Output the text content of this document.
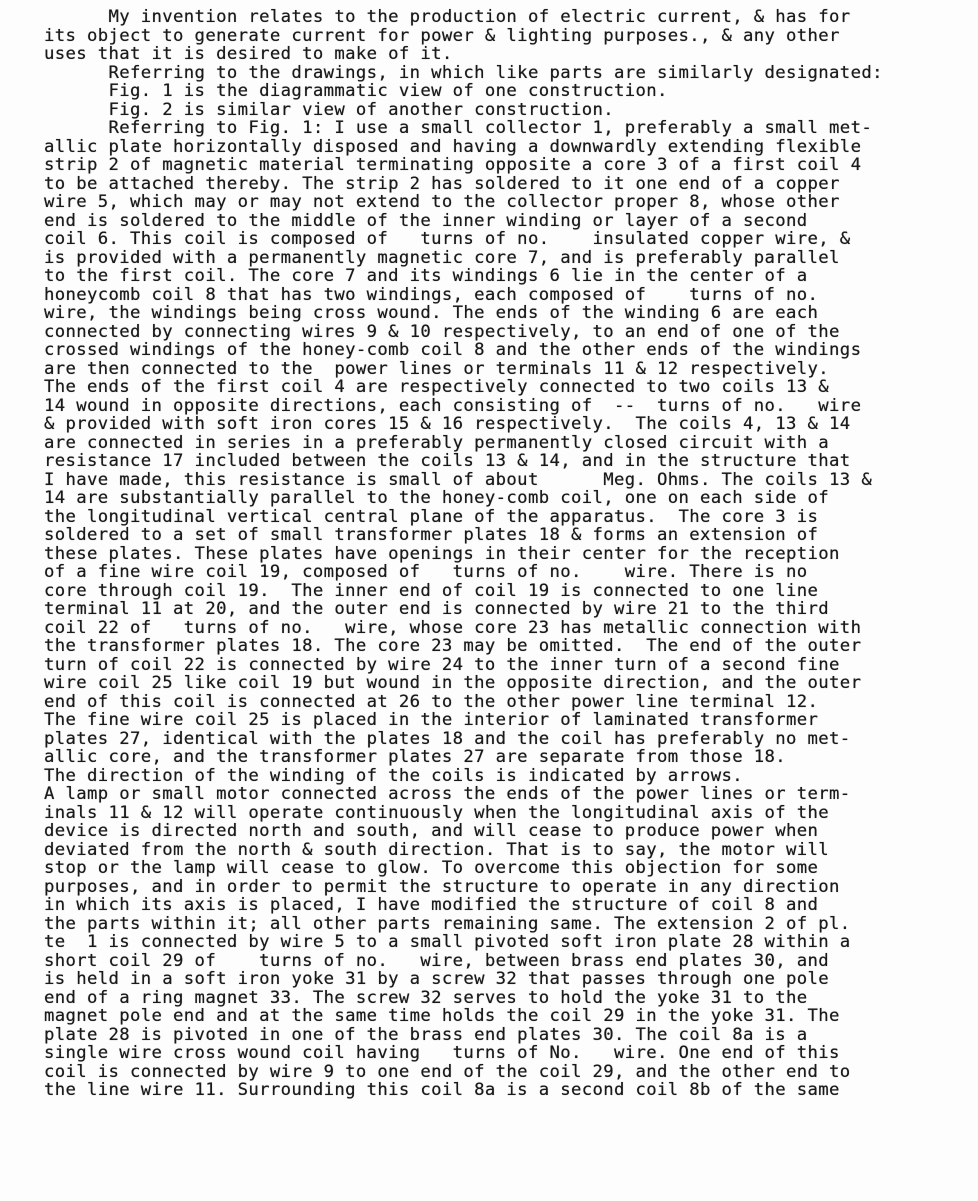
My invention relates to the production of electric current, & has for
its object to generate current for power & lighting purposes., & any other
uses that it is desired to make of it.
Referring to the drawings, in which like parts are similarly designated:
Fig. 1 is the diagrammatic view of one construction.
Fig. 2 is similar view of another construction.
Referring to Fig. 1: I use a small collector 1, preferably a small met-
allic plate horizontally disposed and having a downwardly extending flexible
strip 2 of magnetic material terminating opposite a core 3 of a first coil 4
to be attached thereby. The strip 2 has soldered to it one end of a copper
wire 5, which may or may not extend to the collector proper 8, whose other
end is soldered to the middle of the inner winding or layer of a second
coil 6. This coil is composed of   turns of no.    insulated copper wire, &
is provided with a permanently magnetic core 7, and is preferably parallel
to the first coil. The core 7 and its windings 6 lie in the center of a
honeycomb coil 8 that has two windings, each composed of    turns of no.
wire, the windings being cross wound. The ends of the winding 6 are each
connected by connecting wires 9 & 10 respectively, to an end of one of the
crossed windings of the honey-comb coil 8 and the other ends of the windings
are then connected to the  power lines or terminals 11 & 12 respectively.
The ends of the first coil 4 are respectively connected to two coils 13 &
14 wound in opposite directions, each consisting of  --  turns of no.   wire
& provided with soft iron cores 15 & 16 respectively.  The coils 4, 13 & 14
are connected in series in a preferably permanently closed circuit with a
resistance 17 included between the coils 13 & 14, and in the structure that
I have made, this resistance is small of about      Meg. Ohms. The coils 13 &
14 are substantially parallel to the honey-comb coil, one on each side of
the longitudinal vertical central plane of the apparatus.  The core 3 is
soldered to a set of small transformer plates 18 & forms an extension of
these plates. These plates have openings in their center for the reception
of a fine wire coil 19, composed of   turns of no.    wire. There is no
core through coil 19.  The inner end of coil 19 is connected to one line
terminal 11 at 20, and the outer end is connected by wire 21 to the third
coil 22 of   turns of no.   wire, whose core 23 has metallic connection with
the transformer plates 18. The core 23 may be omitted.  The end of the outer
turn of coil 22 is connected by wire 24 to the inner turn of a second fine
wire coil 25 like coil 19 but wound in the opposite direction, and the outer
end of this coil is connected at 26 to the other power line terminal 12.
The fine wire coil 25 is placed in the interior of laminated transformer
plates 27, identical with the plates 18 and the coil has preferably no met-
allic core, and the transformer plates 27 are separate from those 18.
The direction of the winding of the coils is indicated by arrows.
A lamp or small motor connected across the ends of the power lines or term-
inals 11 & 12 will operate continuously when the longitudinal axis of the
device is directed north and south, and will cease to produce power when
deviated from the north & south direction. That is to say, the motor will
stop or the lamp will cease to glow. To overcome this objection for some
purposes, and in order to permit the structure to operate in any direction
in which its axis is placed, I have modified the structure of coil 8 and
the parts within it; all other parts remaining same. The extension 2 of pl.
te  1 is connected by wire 5 to a small pivoted soft iron plate 28 within a
short coil 29 of    turns of no.   wire, between brass end plates 30, and
is held in a soft iron yoke 31 by a screw 32 that passes through one pole
end of a ring magnet 33. The screw 32 serves to hold the yoke 31 to the
magnet pole end and at the same time holds the coil 29 in the yoke 31. The
plate 28 is pivoted in one of the brass end plates 30. The coil 8a is a
single wire cross wound coil having   turns of No.   wire. One end of this
coil is connected by wire 9 to one end of the coil 29, and the other end to
the line wire 11. Surrounding this coil 8a is a second coil 8b of the same
